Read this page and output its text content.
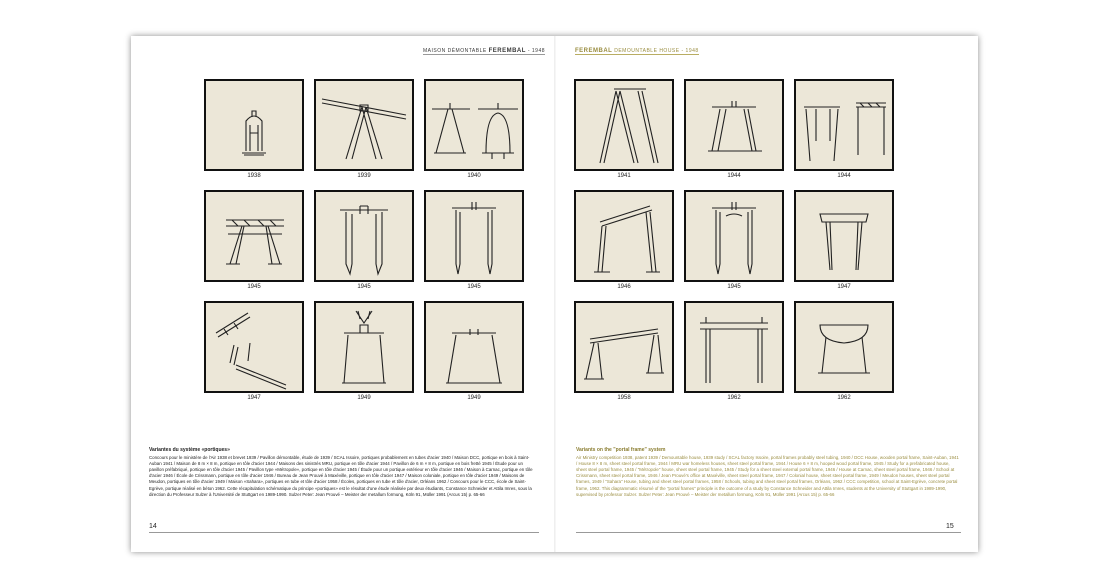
MAISON DÉMONTABLE FEREMBAL - 1948	FEREMBAL DEMOUNTABLE HOUSE - 1948
1938	1939	1940
1945	1945	1945
1947	1949	1949
1941	1944	1944
1946	1945	1947
1958	1962	1962
Variantes du système «portiques»
Concours pour le ministère de l'Air 1938 et brevet 1939 / Pavillon démontable, étude de 1939 / SCAL Issoire, portiques probablement en tubes d'acier 1940 / Maison DCC, portique en bois à Saint-Auban 1941 / Maison de 8 m × 8 m, portique en tôle d'acier 1944 / Maisons des sinistrés MRU, portique en tôle d'acier 1944 / Pavillon de 6 m × 8 m, portique en bois fretté 1945 / Étude pour un pavillon préfabriqué, portique en tôle d'acier 1945 / Pavillon type «Métropole», portique en tôle d'acier 1945 / Étude pour un portique extérieur en tôle d'acier 1946 / Maison à Carnac, portique en tôle d'acier 1946 / École de Crissmann, portique en tôle d'acier 1946 / Bureau de Jean Prouvé à Maxéville, portique en tôle d'acier 1947 / Maison coloniale, portique en tôle d'acier 1949 / Maisons de Meudon, portiques en tôle d'acier 1949 / Maison «Sahara», portiques en tube et tôle d'acier 1958 / Écoles, portiques en tube et tôle d'acier, Orléans 1962 / Concours pour le CCC, école de Saint-Egrève, portique réalisé en béton 1962. Cette récapitulation schématique du principe «portiques» est le résultat d'une étude réalisée par deux étudiants, Constance Schneider et Attila Imres, sous la direction du Professeur Sulzer à l'Université de Stuttgart en 1989-1990. Sulzer Peter: Jean Prouvé – Meister der metallum formung, Köln 91, Müller 1991 (Arcus 15) p. 65-66
Variants on the "portal frame" system
Air Ministry competition 1938, patent 1939 / Demountable house, 1939 study / SCAL factory Issoire, portal frames probably steel tubing, 1940 / DCC House, wooden portal frame, Saint-Auban, 1941 / House 8 × 8 m, sheet steel portal frame, 1944 / MRU war homeless houses, sheet steel portal frame, 1944 / House 6 × 8 m, hooped wood portal frame, 1945 / Study for a prefabricated house, sheet steel portal frame, 1945 / "Métropole" house, sheet steel portal frame, 1945 / Study for a sheet steel external portal frame, 1946 / House at Carnac, sheet steel portal frame, 1946 / School at Crissmann, sheet steel portal frame, 1946 / Jean Prouvé's office at Maxéville, sheet steel portal frame, 1947 / Colonial house, sheet steel portal frame, 1949 / Meudon houses, sheet steel portal frames, 1949 / "Sahara" House, tubing and sheet steel portal frames, 1958 / Schools, tubing and sheet steel portal frames, Orléans, 1962 / CCC competition, school at Saint-Egrève, concrete portal frame, 1962. This diagrammatic résumé of the "portal frames" principle is the outcome of a study by Constance Schneider and Attila Imres, students at the University of Stuttgart in 1989-1990, supervised by professor Sulzer. Sulzer Peter: Jean Prouvé – Meister der metallum formung, Köln 91, Müller 1991 (Arcus 15) p. 65-66
14	15
